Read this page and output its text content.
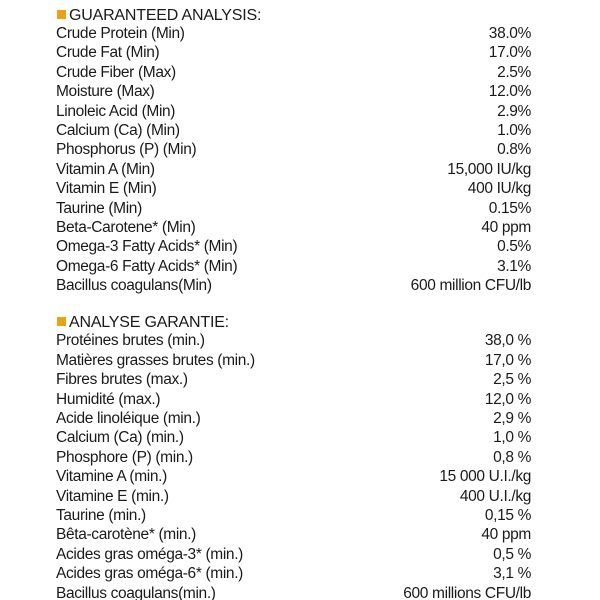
GUARANTEED ANALYSIS:
Crude Protein (Min)	38.0%
Crude Fat (Min)	17.0%
Crude Fiber (Max)	2.5%
Moisture (Max)	12.0%
Linoleic Acid (Min)	2.9%
Calcium (Ca) (Min)	1.0%
Phosphorus (P) (Min)	0.8%
Vitamin A (Min)	15,000 IU/kg
Vitamin E (Min)	400 IU/kg
Taurine (Min)	0.15%
Beta-Carotene* (Min)	40 ppm
Omega-3 Fatty Acids* (Min)	0.5%
Omega-6 Fatty Acids* (Min)	3.1%
Bacillus coagulans(Min)	600 million CFU/lb
ANALYSE GARANTIE:
Protéines brutes (min.)	38,0 %
Matières grasses brutes (min.)	17,0 %
Fibres brutes (max.)	2,5 %
Humidité (max.)	12,0 %
Acide linoléique (min.)	2,9 %
Calcium (Ca) (min.)	1,0 %
Phosphore (P) (min.)	0,8 %
Vitamine A (min.)	15 000 U.I./kg
Vitamine E (min.)	400 U.I./kg
Taurine (min.)	0,15 %
Bêta-carotène* (min.)	40 ppm
Acides gras oméga-3* (min.)	0,5 %
Acides gras oméga-6* (min.)	3,1 %
Bacillus coagulans(min.)	600 millions CFU/lb
